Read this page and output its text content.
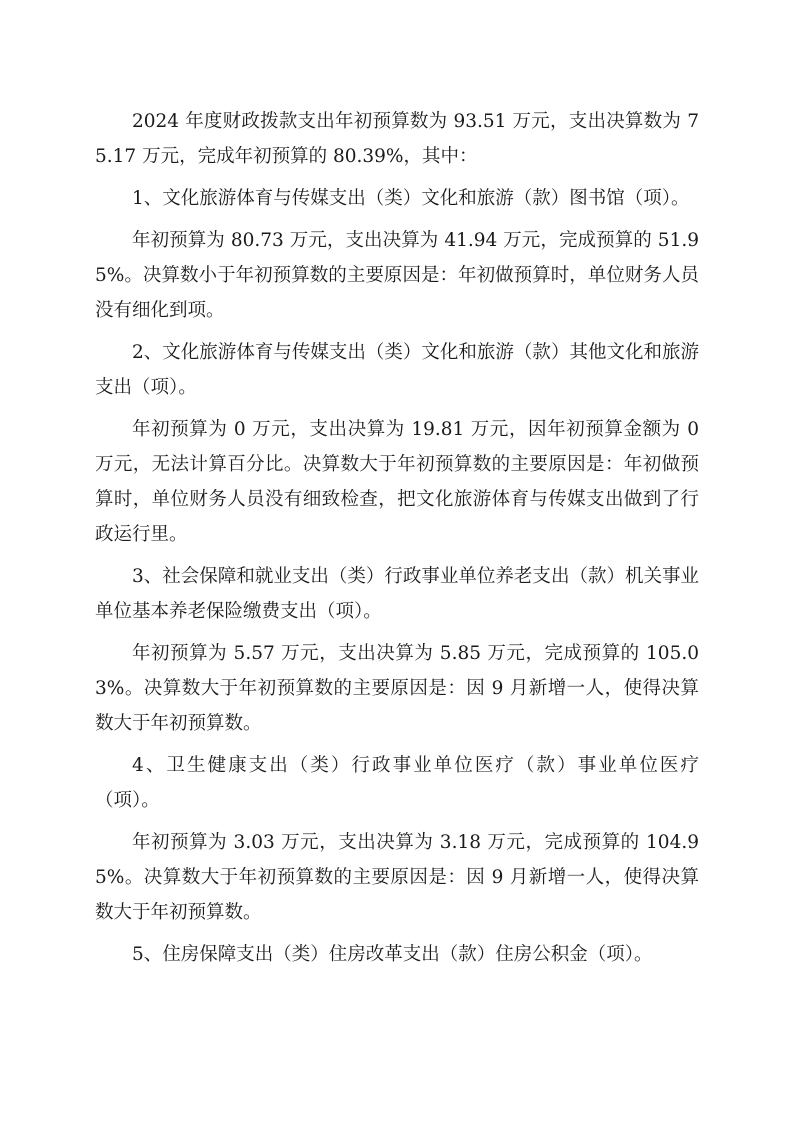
2024 年度财政拨款支出年初预算数为 93.51 万元，支出决算数为 75.17 万元，完成年初预算的 80.39%，其中：

1、文化旅游体育与传媒支出（类）文化和旅游（款）图书馆（项）。

年初预算为 80.73 万元，支出决算为 41.94 万元，完成预算的 51.95%。决算数小于年初预算数的主要原因是：年初做预算时，单位财务人员没有细化到项。

2、文化旅游体育与传媒支出（类）文化和旅游（款）其他文化和旅游支出（项）。

年初预算为 0 万元，支出决算为 19.81 万元，因年初预算金额为 0 万元，无法计算百分比。决算数大于年初预算数的主要原因是：年初做预算时，单位财务人员没有细致检查，把文化旅游体育与传媒支出做到了行政运行里。

3、社会保障和就业支出（类）行政事业单位养老支出（款）机关事业单位基本养老保险缴费支出（项）。

年初预算为 5.57 万元，支出决算为 5.85 万元，完成预算的 105.03%。决算数大于年初预算数的主要原因是：因 9 月新增一人，使得决算数大于年初预算数。

4、卫生健康支出（类）行政事业单位医疗（款）事业单位医疗（项）。

年初预算为 3.03 万元，支出决算为 3.18 万元，完成预算的 104.95%。决算数大于年初预算数的主要原因是：因 9 月新增一人，使得决算数大于年初预算数。

5、住房保障支出（类）住房改革支出（款）住房公积金（项）。
